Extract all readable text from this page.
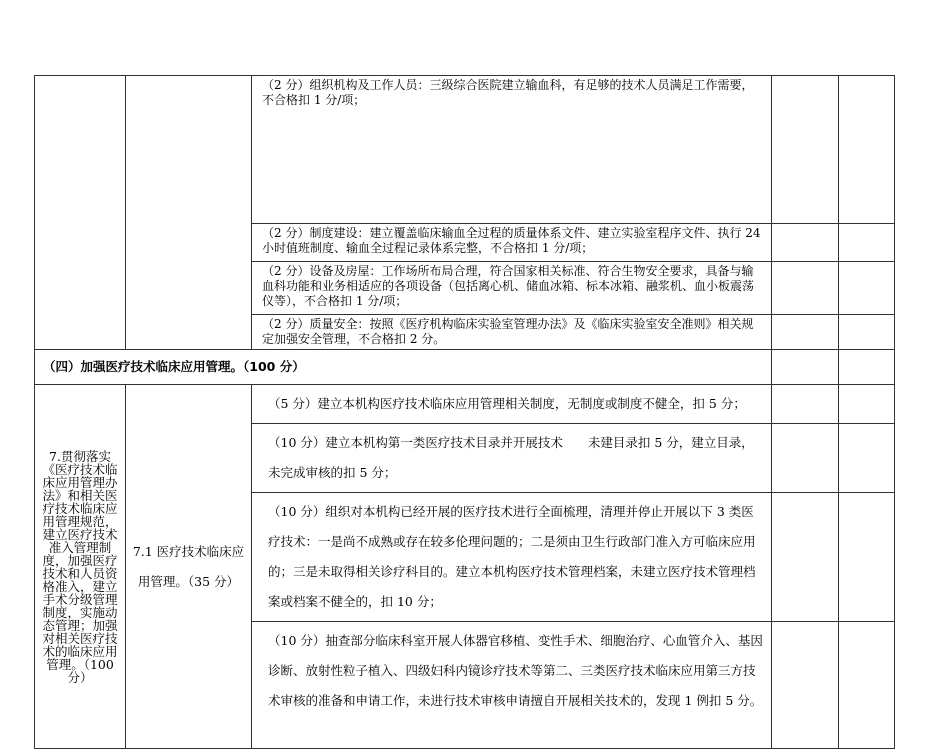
		（2 分）组织机构及工作人员：三级综合医院建立输血科，有足够的技术人员满足工作需要，不合格扣 1 分/项；		

		（2 分）制度建设：建立覆盖临床输血全过程的质量体系文件、建立实验室程序文件、执行 24 小时值班制度、输血全过程记录体系完整，不合格扣 1 分/项；		

		（2 分）设备及房屋：工作场所布局合理，符合国家相关标准、符合生物安全要求，具备与输血科功能和业务相适应的各项设备（包括离心机、储血冰箱、标本冰箱、融浆机、血小板震荡仪等），不合格扣 1 分/项；		

		（2 分）质量安全：按照《医疗机构临床实验室管理办法》及《临床实验室安全准则》相关规定加强安全管理，不合格扣 2 分。		

（四）加强医疗技术临床应用管理。（100 分）				
7.贯彻落实《医疗技术临床应用管理办法》和相关医疗技术临床应用管理规范，建立医疗技术准入管理制度，加强医疗技术和人员资格准入，建立手术分级管理制度，实施动态管理；加强对相关医疗技术的临床应用管理。（100 分）	7.1 医疗技术临床应用管理。（35 分）	（5 分）建立本机构医疗技术临床应用管理相关制度，无制度或制度不健全，扣 5 分；		

		（10 分）建立本机构第一类医疗技术目录并开展技术　　未建目录扣 5 分，建立目录，未完成审核的扣 5 分；		

		（10 分）组织对本机构已经开展的医疗技术进行全面梳理，清理并停止开展以下 3 类医疗技术：一是尚不成熟或存在较多伦理问题的；二是须由卫生行政部门准入方可临床应用的；三是未取得相关诊疗科目的。建立本机构医疗技术管理档案，未建立医疗技术管理档案或档案不健全的，扣 10 分；		

		（10 分）抽查部分临床科室开展人体器官移植、变性手术、细胞治疗、心血管介入、基因诊断、放射性粒子植入、四级妇科内镜诊疗技术等第二、三类医疗技术临床应用第三方技术审核的准备和申请工作，未进行技术审核申请擅自开展相关技术的，发现 1 例扣 5 分。		
